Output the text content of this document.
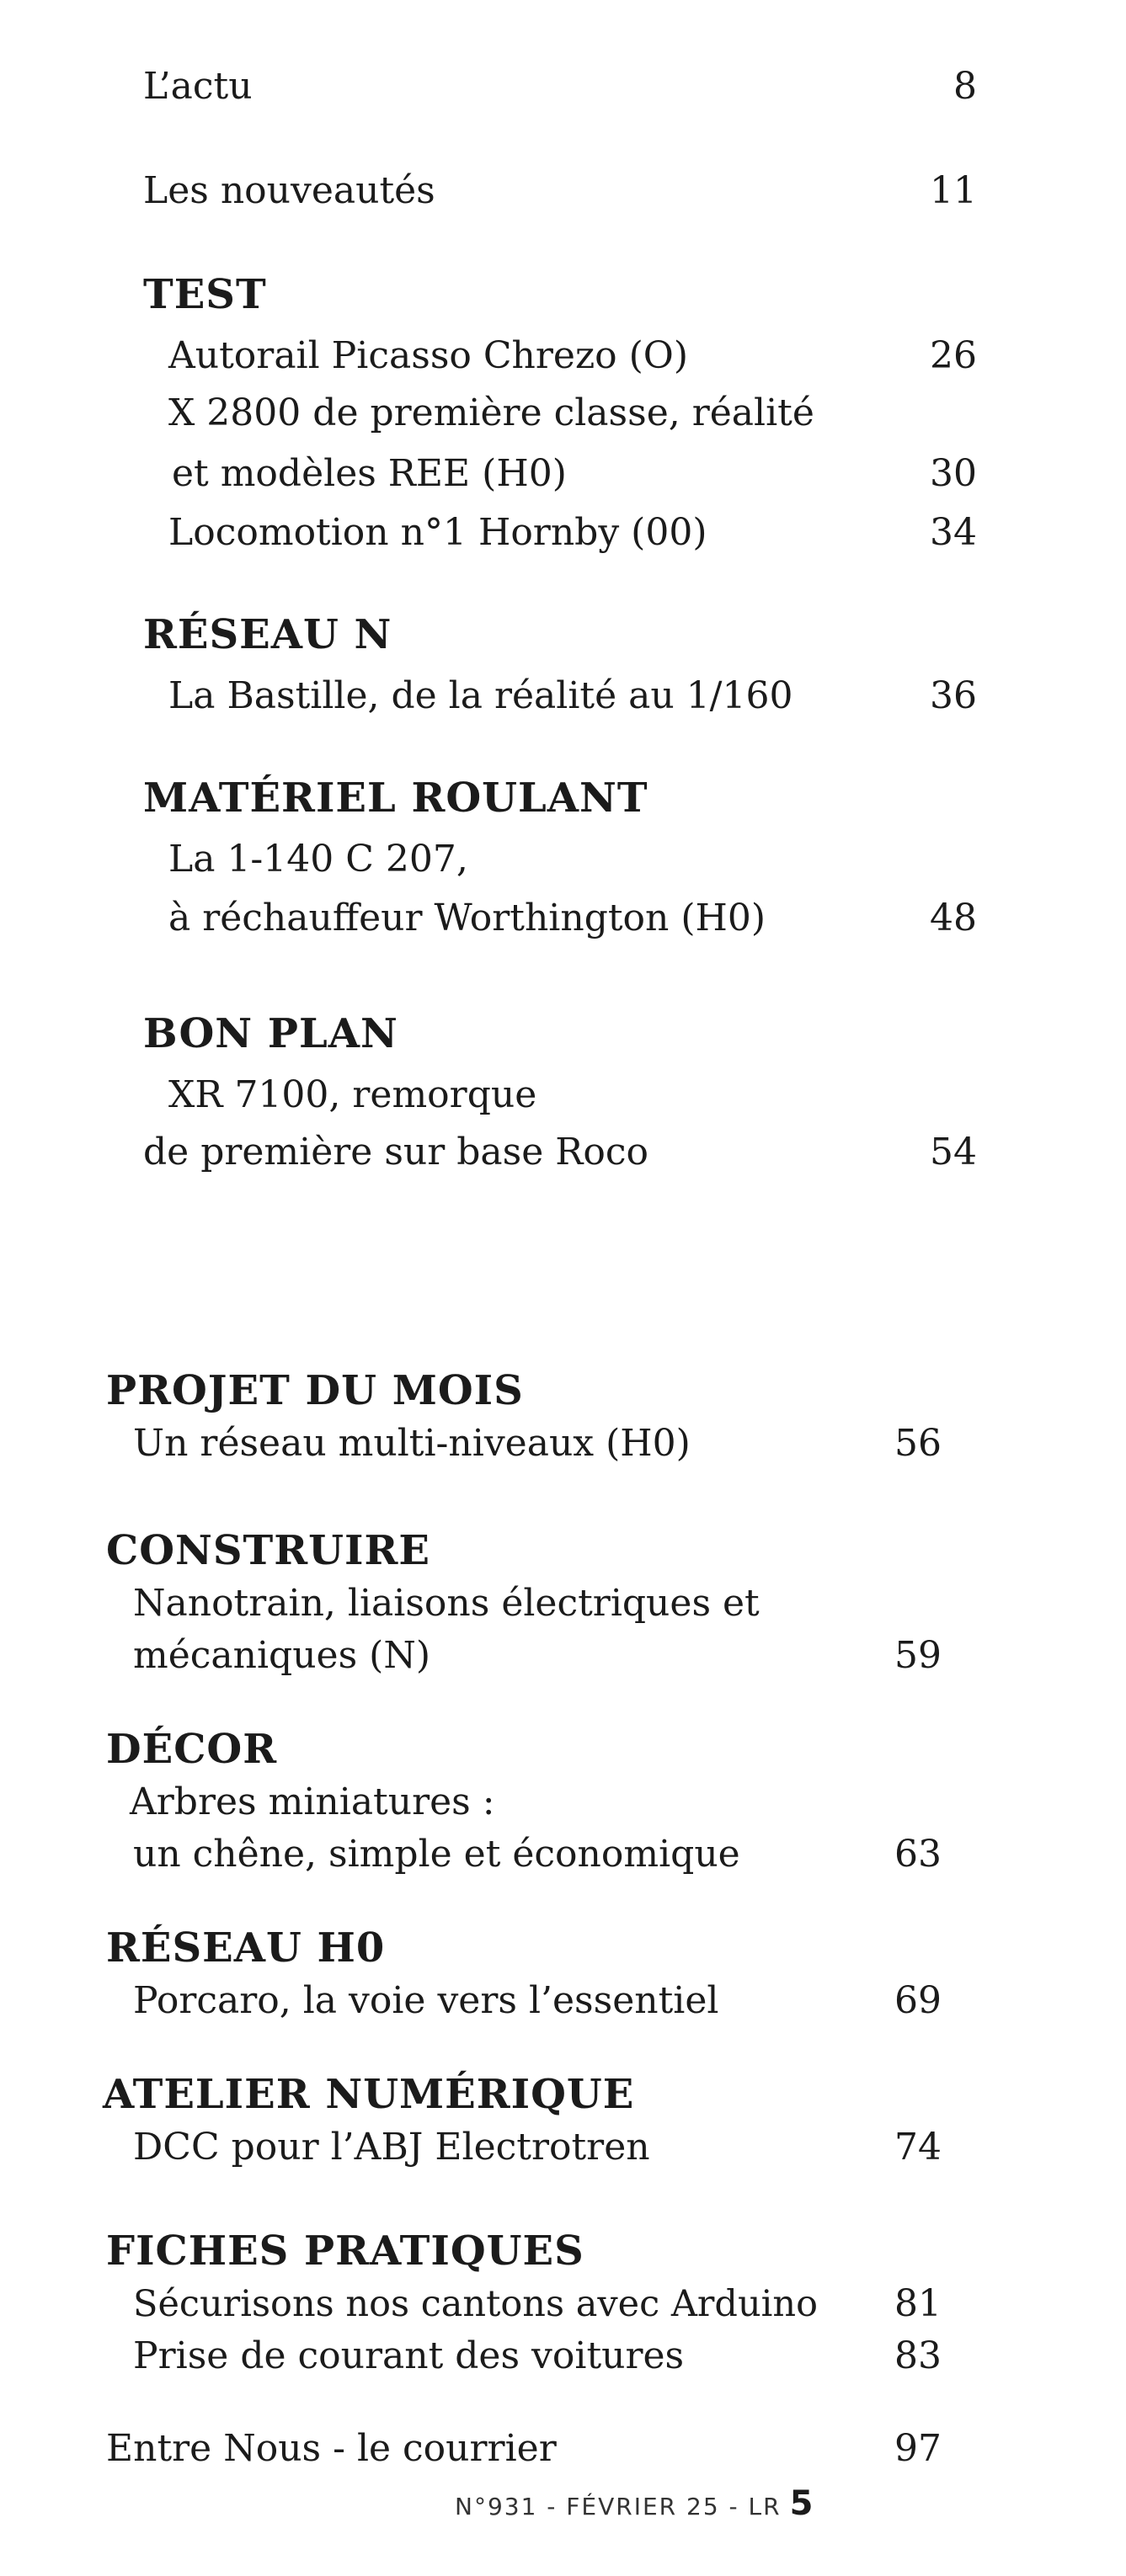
L’actu	8
Les nouveautés	11
TEST
Autorail Picasso Chrezo (O)	26
X 2800 de première classe, réalité
et modèles REE (H0)	30
Locomotion n°1 Hornby (00)	34
RÉSEAU N
La Bastille, de la réalité au 1/160	36
MATÉRIEL ROULANT
La 1-140 C 207,
à réchauffeur Worthington (H0)	48
BON PLAN
XR 7100, remorque
de première sur base Roco	54
PROJET DU MOIS
Un réseau multi-niveaux (H0)	56
CONSTRUIRE
Nanotrain, liaisons électriques et
mécaniques (N)	59
DÉCOR
Arbres miniatures :
un chêne, simple et économique	63
RÉSEAU H0
Porcaro, la voie vers l’essentiel	69
ATELIER NUMÉRIQUE
DCC pour l’ABJ Electrotren	74
FICHES PRATIQUES
Sécurisons nos cantons avec Arduino	81
Prise de courant des voitures	83
Entre Nous - le courrier	97
N°931 - FÉVRIER 25 - LR 5
